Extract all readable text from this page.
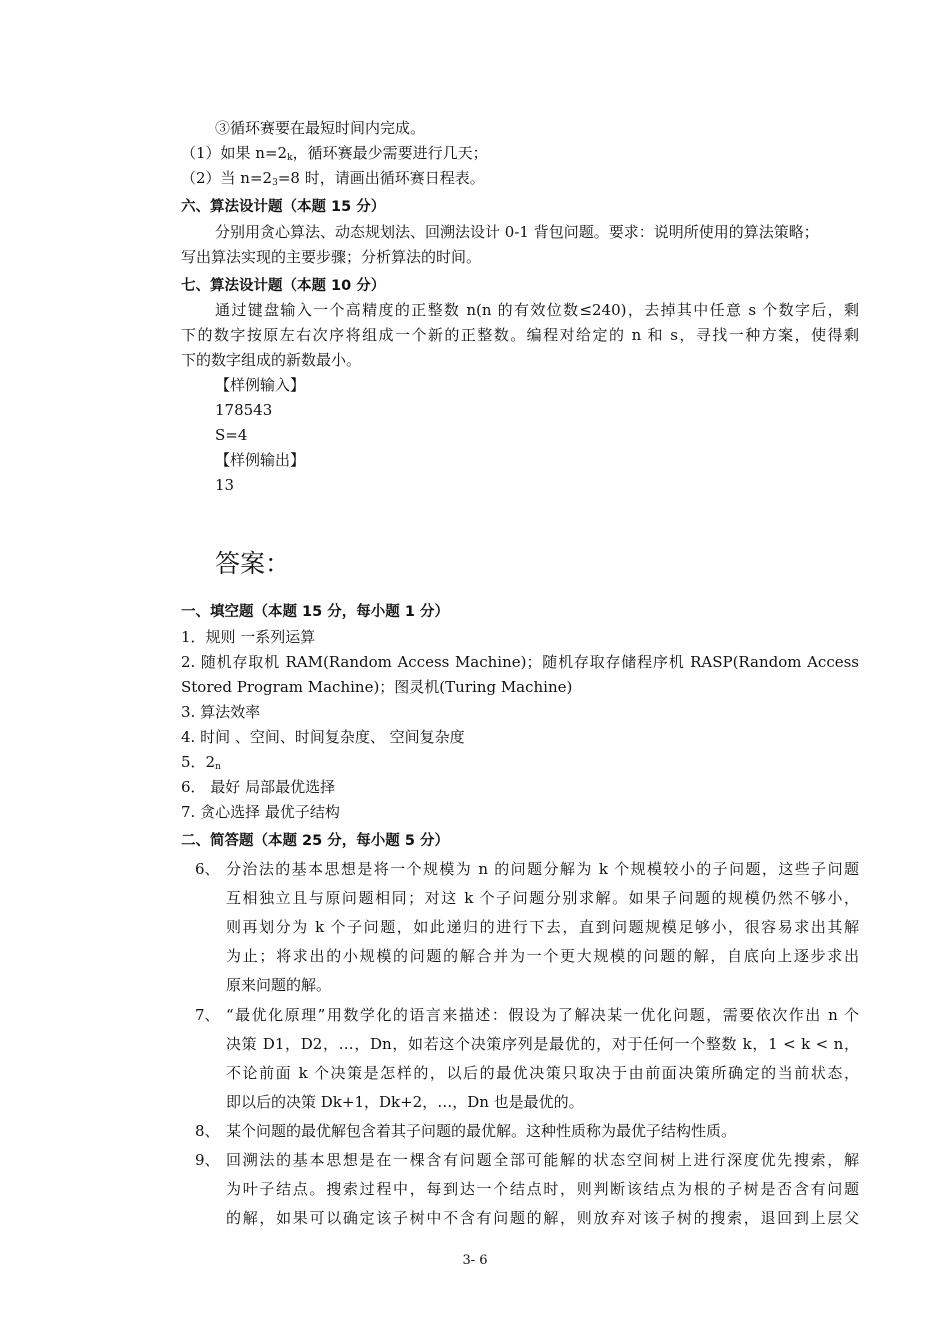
③循环赛要在最短时间内完成。
（1）如果 $n=2_k$，循环赛最少需要进行几天；
（2）当 $n=2_3=8$ 时，请画出循环赛日程表。
六、算法设计题（本题 15 分）
分别用贪心算法、动态规划法、回溯法设计 0-1 背包问题。要求：说明所使用的算法策略；
写出算法实现的主要步骤；分析算法的时间。
七、算法设计题（本题 10 分）
通过键盘输入一个高精度的正整数 n(n 的有效位数≤240)，去掉其中任意 s 个数字后，剩
下的数字按原左右次序将组成一个新的正整数。编程对给定的 n 和 s，寻找一种方案，使得剩
下的数字组成的新数最小。
【样例输入】
178543
S=4
【样例输出】
13
答案：
一、填空题（本题 15 分，每小题 1 分）
1．规则 一系列运算
2. 随机存取机 RAM(Random Access Machine)；随机存取存储程序机 RASP(Random Access
Stored Program Machine)；图灵机(Turing Machine)
3. 算法效率
4. 时间 、空间、时间复杂度、 空间复杂度
5．$2_n$
6． 最好 局部最优选择
7. 贪心选择 最优子结构
二、简答题（本题 25 分，每小题 5 分）
6、 分治法的基本思想是将一个规模为 n 的问题分解为 k 个规模较小的子问题，这些子问题
互相独立且与原问题相同；对这 k 个子问题分别求解。如果子问题的规模仍然不够小，
则再划分为 k 个子问题，如此递归的进行下去，直到问题规模足够小，很容易求出其解
为止；将求出的小规模的问题的解合并为一个更大规模的问题的解，自底向上逐步求出
原来问题的解。
7、 “最优化原理”用数学化的语言来描述：假设为了解决某一优化问题，需要依次作出 n 个
决策 D1，D2，…，Dn，如若这个决策序列是最优的，对于任何一个整数 k，1 < k < n，
不论前面 k 个决策是怎样的，以后的最优决策只取决于由前面决策所确定的当前状态，
即以后的决策 Dk+1，Dk+2，…，Dn 也是最优的。
8、 某个问题的最优解包含着其子问题的最优解。这种性质称为最优子结构性质。
9、 回溯法的基本思想是在一棵含有问题全部可能解的状态空间树上进行深度优先搜索，解
为叶子结点。搜索过程中，每到达一个结点时，则判断该结点为根的子树是否含有问题
的解，如果可以确定该子树中不含有问题的解，则放弃对该子树的搜索，退回到上层父
3- 6
